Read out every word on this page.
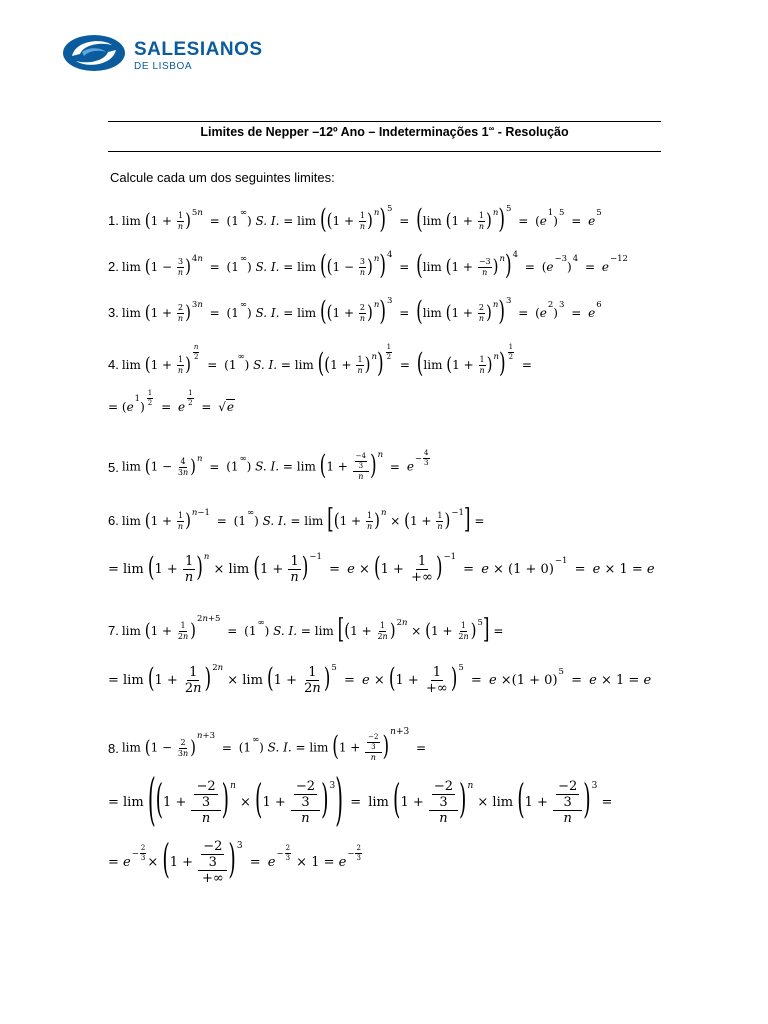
SALESIANOS
DE LISBOA
Limites de Nepper –12º Ano – Indeterminações 1∞ - Resolução
Calcule cada um dos seguintes limites:
1. $\lim (1 + \frac{1}{n} )^{5n} = (1^\infty)$ S. I. = $\lim ((1 + \frac{1}{n} )^n)^5 = (\lim$ $(1 + \frac{1}{n} )^n)^5 = (e^1)^5 = e^5$
2. $\lim (1 - \frac{3}{n} )^{4n} = (1^\infty)$ S. I. = $\lim ((1 - \frac{3}{n} )^n)^4 = (\lim$ $(1 + \frac{-3}{n} )^n)^4 = (e^{-3})^4 = e^{-12}$
3. $\lim (1 + \frac{2}{n} )^{3n} = (1^\infty)$ S. I. = $\lim ((1 + \frac{2}{n} )^n)^3 = (\lim$ $(1 + \frac{2}{n} )^n)^3 = (e^2)^3 = e^6$
4. $\lim (1 + \frac{1}{n}$ )
$^{\frac{n}{2}}$
= (1∞) S. I. = $\lim ((1 + \frac{1}{n} )^n)$ $^{\frac{1}{2}}$
= (lim $(1 + \frac{1}{n} )^n$) $^{\frac{1}{2}}$
=
= $(e^1) ^{\frac{1}{2}} = e$ $^{\frac{1}{2}}$ = √e
5. $\lim (1 - \frac{4}{3n} )^n = (1^\infty)$ S. I. = $\lim (1 + \frac{\frac{-4}{3}}{n} )^n = e^{- \frac{4}{3}}$
6. $\lim (1 + \frac{1}{n} )^{n-1} = (1^\infty)$ S. I. = $\lim [(1 + \frac{1}{n} )^n \times (1 + \frac{1}{n} )^{-1}]$ =
= $\lim (1 + \frac{1}{n} )^n \times \lim (1 + \frac{1}{n} )^{-1} = e \times (1 + \frac{1}{+\infty} )^{-1} = e \times (1 + 0)^{-1} = e \times 1 = e$
7. $\lim (1 + \frac{1}{2n} )^{2n+5} = (1^\infty)$ S. I. = $\lim [(1 + \frac{1}{2n} )^{2n} \times (1 + \frac{1}{2n} )^5]$ =
= $\lim (1 + \frac{1}{2n} )^{2n} \times \lim (1 + \frac{1}{2n} )^5 = e \times (1 + \frac{1}{+\infty} )^5 = e \times(1 + 0)^5 = e \times 1 = e$
8. $\lim (1 - \frac{2}{3n} )^{n+3} = (1^\infty)$ S. I. = $\lim (1 + \frac{\frac{-2}{3}}{n} )^{n+3}$ =
= $\lim ((1 + \frac{\frac{-2}{3}}{n} )^n \times (1 + \frac{\frac{-2}{3}}{n} )^3) = \lim (1 + \frac{\frac{-2}{3}}{n} )^n \times \lim (1 + \frac{\frac{-2}{3}}{n} )^3$ =
= $e^{- \frac{2}{3}}$
× $(1 + \frac{\frac{-2}{3}}{+\infty} )^3 = e^{- \frac{2}{3}}$
× $1 = e^{- \frac{2}{3}}$
